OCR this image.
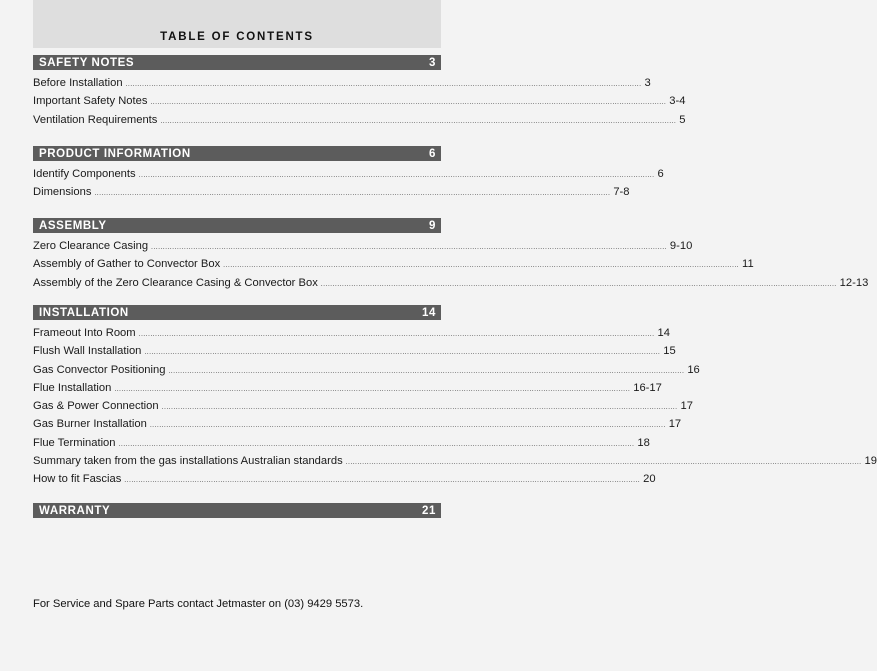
TABLE OF CONTENTS
SAFETY NOTES	3
Before Installation ............................................................................................................................................................................................................................ 3
Important Safety Notes ............................................................................................................................................................................................................................ 3-4
Ventilation Requirements ............................................................................................................................................................................................................................ 5
PRODUCT INFORMATION	6
Identify Components ............................................................................................................................................................................................................................ 6
Dimensions ............................................................................................................................................................................................................................ 7-8
ASSEMBLY	9
Zero Clearance Casing ............................................................................................................................................................................................................................ 9-10
Assembly of Gather to Convector Box ............................................................................................................................................................................................................................ 11
Assembly of the Zero Clearance Casing & Convector Box ............................................................................................................................................................................................................................ 12-13
INSTALLATION	14
Frameout Into Room ............................................................................................................................................................................................................................ 14
Flush Wall Installation ............................................................................................................................................................................................................................ 15
Gas Convector Positioning ............................................................................................................................................................................................................................ 16
Flue Installation ............................................................................................................................................................................................................................ 16-17
Gas & Power Connection ............................................................................................................................................................................................................................ 17
Gas Burner Installation ............................................................................................................................................................................................................................ 17
Flue Termination ............................................................................................................................................................................................................................ 18
Summary taken from the gas installations Australian standards ............................................................................................................................................................................................................................ 19
How to fit Fascias ............................................................................................................................................................................................................................ 20
WARRANTY	21
For Service and Spare Parts contact Jetmaster on (03) 9429 5573.
